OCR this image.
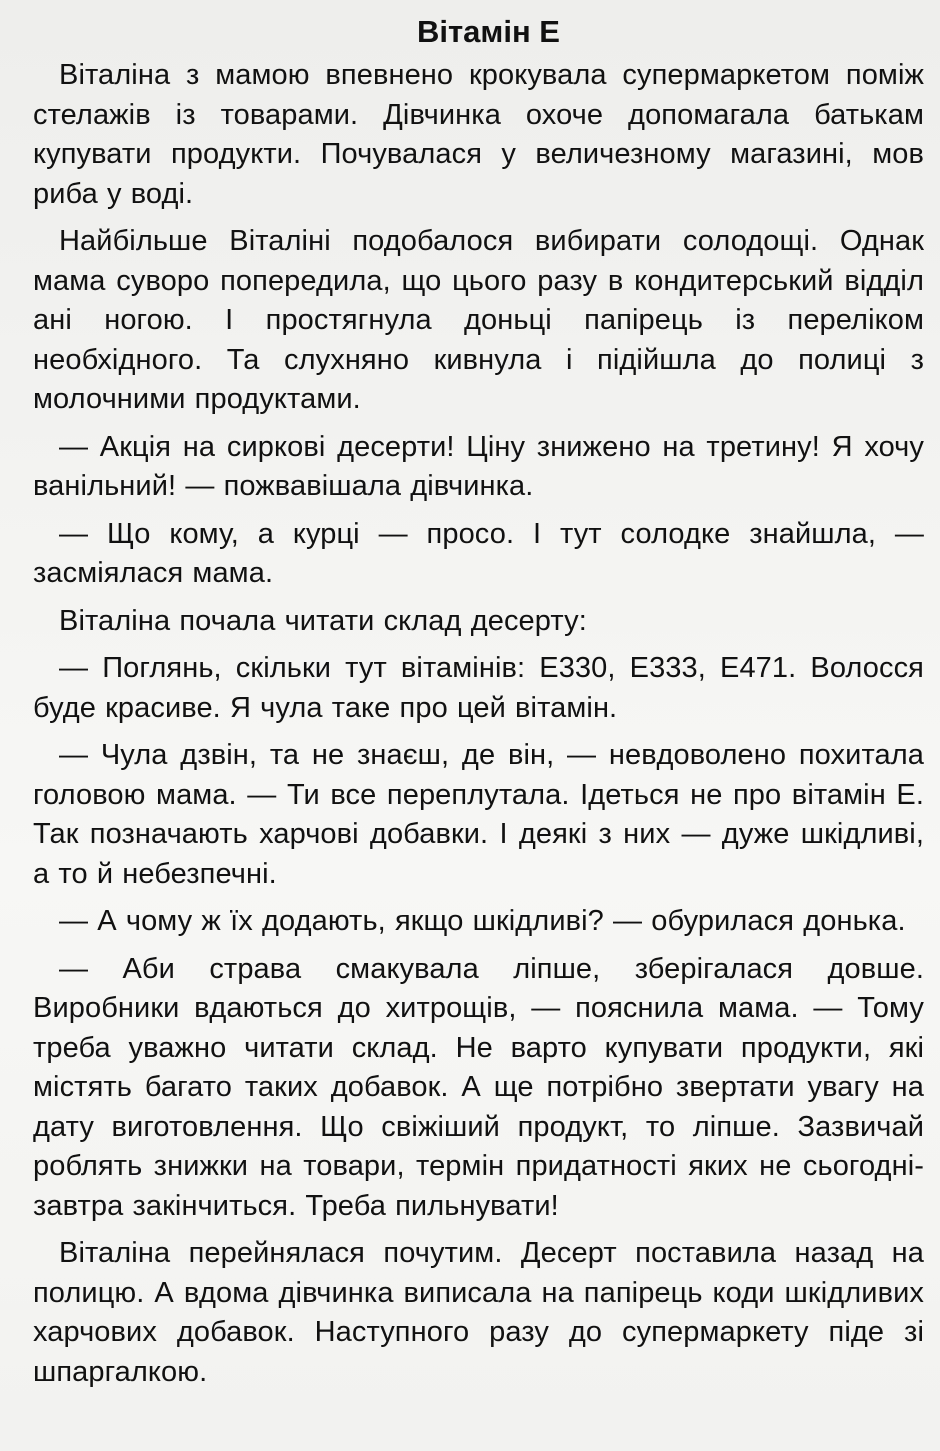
Вітамін Е

Віталіна з мамою впевнено крокувала супермаркетом поміж стелажів із товарами. Дівчинка охоче допомагала батькам купувати продукти. Почувалася у величезному магазині, мов риба у воді.

Найбільше Віталіні подобалося вибирати солодощі. Однак мама суворо попередила, що цього разу в кондитерський відділ ані ногою. І простягнула доньці папірець із переліком необхідного. Та слухняно кивнула і підійшла до полиці з молочними продуктами.

— Акція на сиркові десерти! Ціну знижено на третину! Я хочу ванільний! — пожвавішала дівчинка.

— Що кому, а курці — просо. І тут солодке знайшла, — засміялася мама.

Віталіна почала читати склад десерту:

— Поглянь, скільки тут вітамінів: Е330, Е333, Е471. Волосся буде красиве. Я чула таке про цей вітамін.

— Чула дзвін, та не знаєш, де він, — невдоволено похитала головою мама. — Ти все переплутала. Ідеться не про вітамін Е. Так позначають харчові добавки. І деякі з них — дуже шкідливі, а то й небезпечні.

— А чому ж їх додають, якщо шкідливі? — обурилася донька.

— Аби страва смакувала ліпше, зберігалася довше. Виробники вдаються до хитрощів, — пояснила мама. — Тому треба уважно читати склад. Не варто купувати продукти, які містять багато таких добавок. А ще потрібно звертати увагу на дату виготовлення. Що свіжіший продукт, то ліпше. Зазвичай роблять знижки на товари, термін придатності яких не сьогодні-завтра закінчиться. Треба пильнувати!

Віталіна перейнялася почутим. Десерт поставила назад на полицю. А вдома дівчинка виписала на папірець коди шкідливих харчових добавок. Наступного разу до супермаркету піде зі шпаргалкою.
